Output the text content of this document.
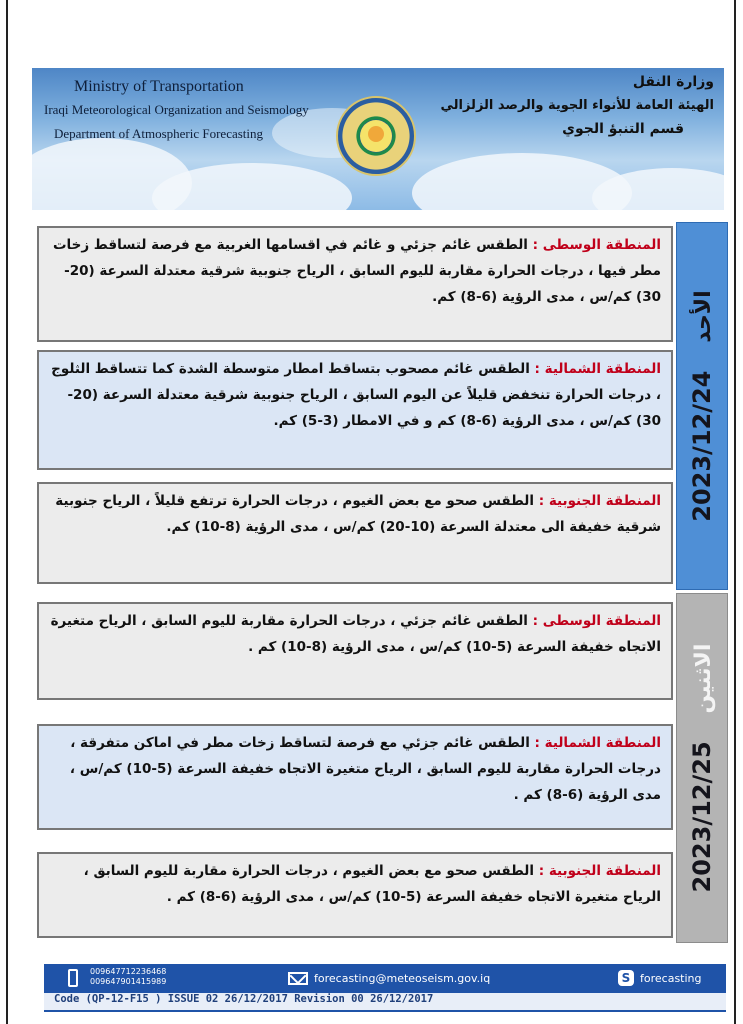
Ministry of Transportation
Iraqi Meteorological Organization and Seismology
Department of Atmospheric Forecasting
وزارة النقل
الهيئة العامة للأنواء الجوية والرصد الزلزالي
قسم التنبؤ الجوي
المنطقة الوسطى : الطقس غائم جزئي و غائم في اقسامها الغربية مع فرصة لتساقط زخات مطر فيها ، درجات الحرارة مقاربة لليوم السابق ، الرياح جنوبية شرقية معتدلة السرعة (20-30) كم/س ، مدى الرؤية (6-8) كم.
المنطقة الشمالية : الطقس غائم مصحوب بتساقط امطار متوسطة الشدة كما تتساقط الثلوج ، درجات الحرارة تنخفض قليلاً عن اليوم السابق ، الرياح جنوبية شرقية معتدلة السرعة (20-30) كم/س ، مدى الرؤية (6-8) كم و في الامطار (3-5) كم.
المنطقة الجنوبية : الطقس صحو مع بعض الغيوم ، درجات الحرارة ترتفع قليلاً ، الرياح جنوبية شرقية خفيفة الى معتدلة السرعة (10-20) كم/س ، مدى الرؤية (8-10) كم.
2023/12/24     الأحد
المنطقة الوسطى : الطقس غائم جزئي ، درجات الحرارة مقاربة لليوم السابق ، الرياح متغيرة الاتجاه خفيفة السرعة (5-10) كم/س ، مدى الرؤية (8-10) كم .
المنطقة الشمالية : الطقس غائم جزئي مع فرصة لتساقط زخات مطر في اماكن متفرقة ، درجات الحرارة مقاربة لليوم السابق ، الرياح متغيرة الاتجاه خفيفة السرعة (5-10) كم/س ، مدى الرؤية (6-8) كم .
المنطقة الجنوبية : الطقس صحو مع بعض الغيوم ، درجات الحرارة مقاربة لليوم السابق ، الرياح متغيرة الاتجاه خفيفة السرعة (5-10) كم/س ، مدى الرؤية (6-8) كم .
2023/12/25     الاثنين
009647712236468
009647901415989	forecasting@meteoseism.gov.iq	S forecasting
Code (QP-12-F15 ) ISSUE 02 26/12/2017 Revision 00 26/12/2017
